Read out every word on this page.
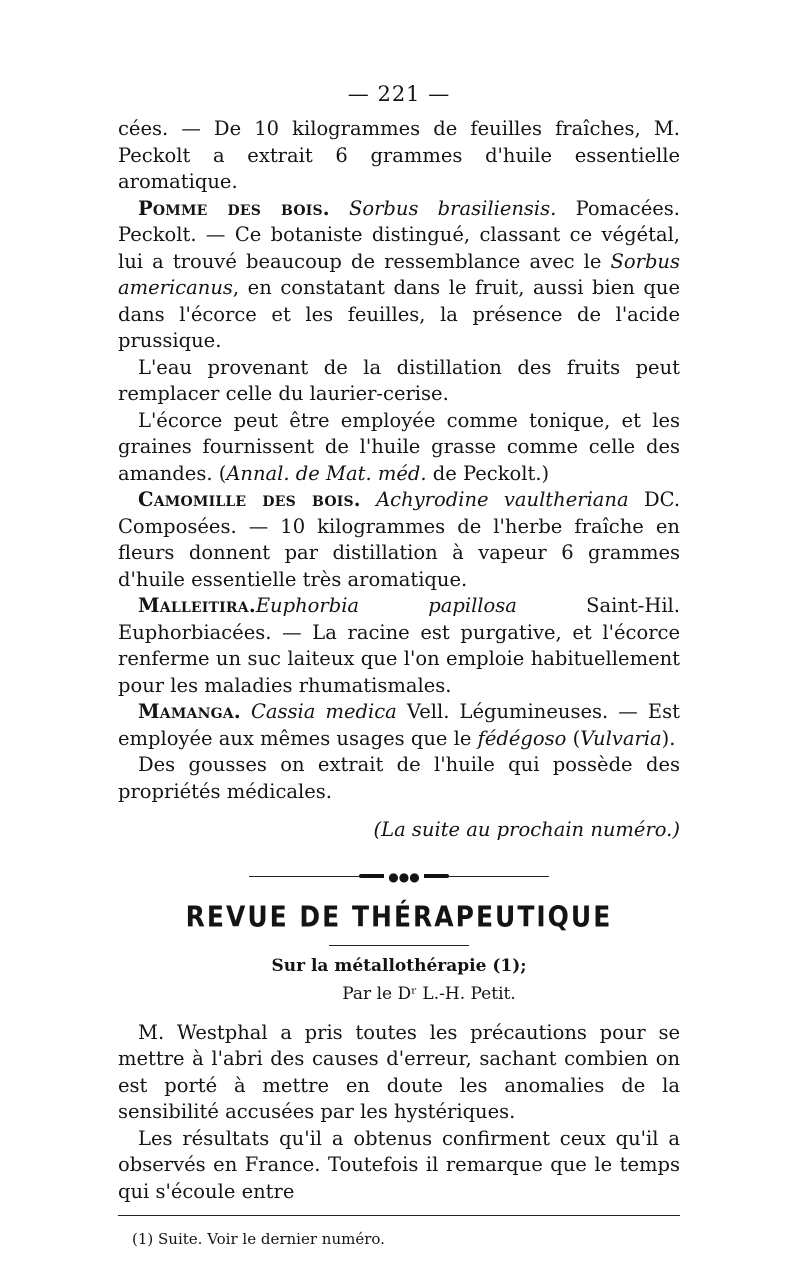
— 221 —

cées. — De 10 kilogrammes de feuilles fraîches, M. Peckolt a extrait 6 grammes d'huile essentielle aromatique.

Pomme des bois. Sorbus brasiliensis. Pomacées. Peckolt. — Ce botaniste distingué, classant ce végétal, lui a trouvé beaucoup de ressemblance avec le Sorbus americanus, en constatant dans le fruit, aussi bien que dans l'écorce et les feuilles, la présence de l'acide prussique.

L'eau provenant de la distillation des fruits peut remplacer celle du laurier-cerise.

L'écorce peut être employée comme tonique, et les graines fournissent de l'huile grasse comme celle des amandes. (Annal. de Mat. méd. de Peckolt.)

Camomille des bois. Achyrodine vaultheriana DC. Composées. — 10 kilogrammes de l'herbe fraîche en fleurs donnent par distillation à vapeur 6 grammes d'huile essentielle très aromatique.

Malleitira.Euphorbia papillosa	Saint-Hil. Euphorbiacées. — La racine est purgative, et l'écorce renferme un suc laiteux que l'on emploie habituellement pour les maladies rhumatismales.

Mamanga. Cassia medica Vell. Légumineuses. — Est employée aux mêmes usages que le fédégoso (Vulvaria).

Des gousses on extrait de l'huile qui possède des propriétés médicales.

(La suite au prochain numéro.)

●●●
REVUE DE THÉRAPEUTIQUE
Sur la métallothérapie (1);
Par le Dʳ L.-H. Petit.

M. Westphal a pris toutes les précautions pour se mettre à l'abri des causes d'erreur, sachant combien on est porté à mettre en doute les anomalies de la sensibilité accusées par les hystériques.

Les résultats qu'il a obtenus confirment ceux qu'il a observés en France. Toutefois il remarque que le temps qui s'écoule entre

(1) Suite. Voir le dernier numéro.
